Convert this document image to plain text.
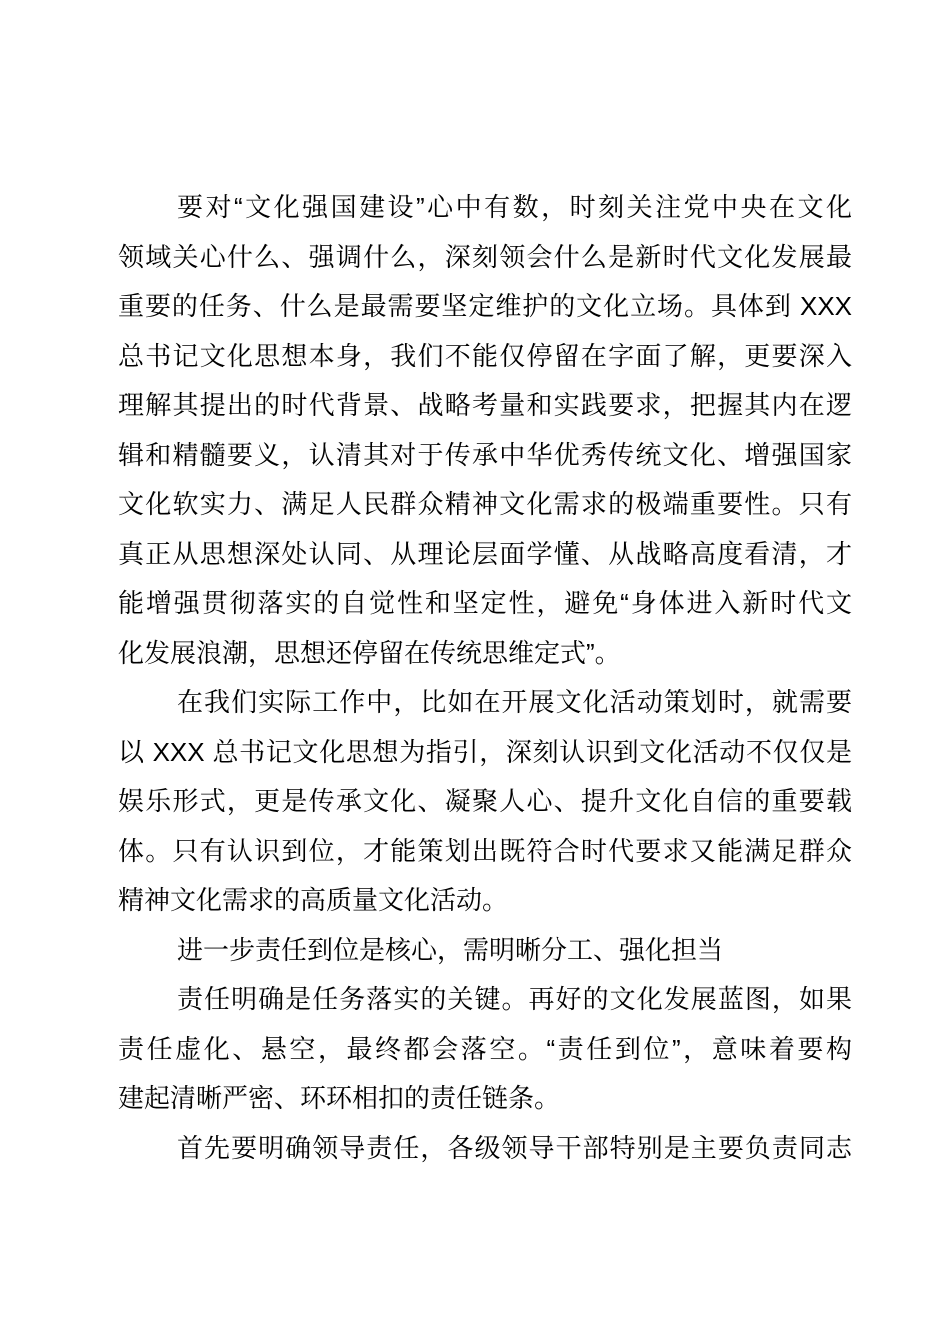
要对“文化强国建设”心中有数，时刻关注党中央在文化
领域关心什么、强调什么，深刻领会什么是新时代文化发展最
重要的任务、什么是最需要坚定维护的文化立场。具体到 XXX
总书记文化思想本身，我们不能仅停留在字面了解，更要深入
理解其提出的时代背景、战略考量和实践要求，把握其内在逻
辑和精髓要义，认清其对于传承中华优秀传统文化、增强国家
文化软实力、满足人民群众精神文化需求的极端重要性。只有
真正从思想深处认同、从理论层面学懂、从战略高度看清，才
能增强贯彻落实的自觉性和坚定性，避免“身体进入新时代文
化发展浪潮，思想还停留在传统思维定式”。
在我们实际工作中，比如在开展文化活动策划时，就需要
以 XXX 总书记文化思想为指引，深刻认识到文化活动不仅仅是
娱乐形式，更是传承文化、凝聚人心、提升文化自信的重要载
体。只有认识到位，才能策划出既符合时代要求又能满足群众
精神文化需求的高质量文化活动。
进一步责任到位是核心，需明晰分工、强化担当
责任明确是任务落实的关键。再好的文化发展蓝图，如果
责任虚化、悬空，最终都会落空。“责任到位”，意味着要构
建起清晰严密、环环相扣的责任链条。
首先要明确领导责任，各级领导干部特别是主要负责同志
